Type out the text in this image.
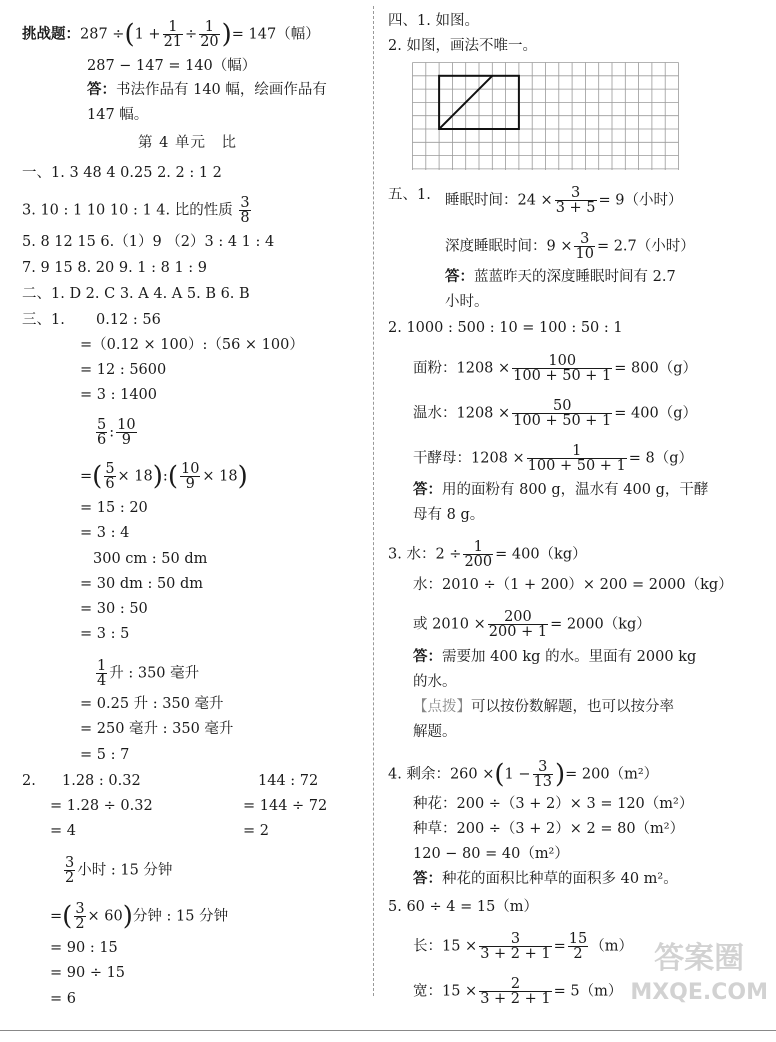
挑战题：$287 \div(1 + \frac{1}{21} \div \frac{1}{20}$ )= 147（幅）
287 − 147 = 140（幅）
答：书法作品有 140 幅，绘画作品有
147 幅。
第 4 单元　比
一、1. 3 48 4 0.25 2. 2 : 1 2
3. 10 : 1 10 10 : 1 4. 比的性质 $\frac{3}{8}$
5. 8 12 15 6.（1）9 （2）3 : 4 1 : 4
7. 9 15 8. 20 9. 1 : 8 1 : 9
二、1. D 2. C 3. A 4. A 5. B 6. B
三、1. 0.12 : 56
=（0.12 × 100）:（56 × 100）
= 12 : 5600
= 3 : 1400
$\frac{5}{6}$ : $\frac{10}{9}$
=( $\frac{5}{6}$ × 18):( $\frac{10}{9} \times 18$)
= 15 : 20
= 3 : 4
300 cm : 50 dm
= 30 dm : 50 dm
= 30 : 50
= 3 : 5
$\frac{1}{4}$ 升 : 350 毫升
= 0.25 升 : 350 毫升
= 250 毫升 : 350 毫升
= 5 : 7
2. 1.28 : 0.32	144 : 72
= 1.28 ÷ 0.32	= 144 ÷ 72
= 4	= 2
$\frac{3}{2}$ 小时 : 15 分钟
=( $\frac{3}{2} \times 60$)分钟 : 15 分钟
= 90 : 15
= 90 ÷ 15
= 6
四、1. 如图。
2. 如图，画法不唯一。
五、1. 睡眠时间：$24 \times \frac{3}{3 + 5} = 9$（小时）
深度睡眠时间：$9 \times \frac{3}{10} = 2.7$（小时）
答：蓝蓝昨天的深度睡眠时间有 2.7
小时。
2. 1000 : 500 : 10 = 100 : 50 : 1
面粉：$1208 \times \frac{100}{100 + 50 + 1} = 800(g)$
温水：$1208 \times \frac{50}{100 + 50 + 1} = 400(g)$
干酵母：$1208 \times \frac{1}{100 + 50 + 1} = 8(g)$
答：用的面粉有 800 g，温水有 400 g，干酵
母有 8 g。
3. 水：$2 \div \frac{1}{200} = 400(kg)$
水：2010 ÷（1 + 200）× 200 = 2000（kg）
或 $2010 \times \frac{200}{200 + 1} = 2000(kg)$
答：需要加 400 kg 的水。里面有 2000 kg
的水。
【点拨】可以按份数解题，也可以按分率
解题。
4. 剩余：$260 \times(1 - \frac{3}{13}$ )= 200（m²）
种花：200 ÷（3 + 2）× 3 = 120（m²）
种草：200 ÷（3 + 2）× 2 = 80（m²）
120 − 80 = 40（m²）
答：种花的面积比种草的面积多 40 m²。
5. 60 ÷ 4 = 15（m）
长：$15 \times \frac{3}{3 + 2 + 1} = \frac{15}{2} (m)$
宽：$15 \times \frac{2}{3 + 2 + 1} = 5(m)$
答案圈
MXQE.COM
